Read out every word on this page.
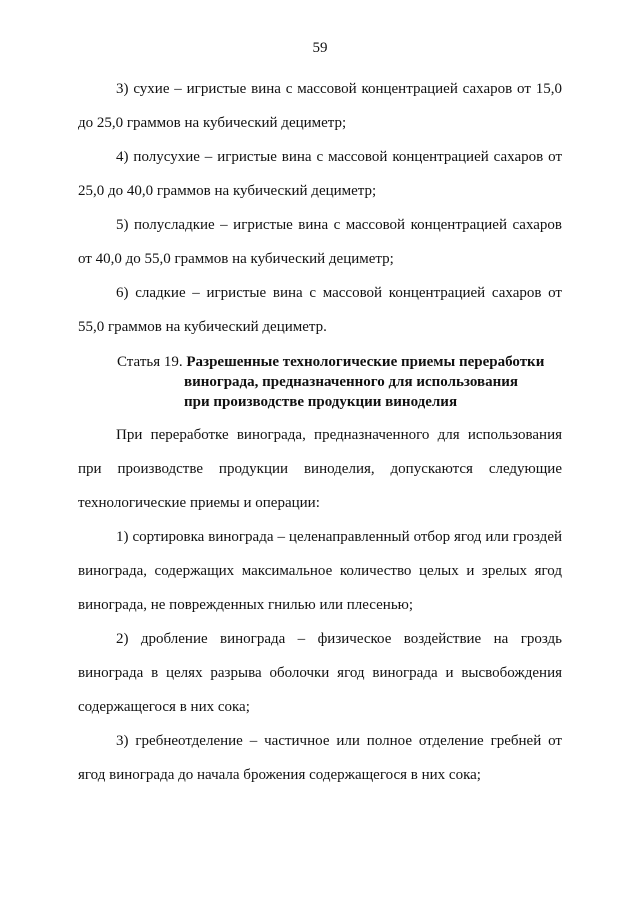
59

3) сухие – игристые вина с массовой концентрацией сахаров от 15,0 до 25,0 граммов на кубический дециметр;

4) полусухие – игристые вина с массовой концентрацией сахаров от 25,0 до 40,0 граммов на кубический дециметр;

5) полусладкие – игристые вина с массовой концентрацией сахаров от 40,0 до 55,0 граммов на кубический дециметр;

6) сладкие – игристые вина с массовой концентрацией сахаров от 55,0 граммов на кубический дециметр.

Статья 19. Разрешенные технологические приемы переработки
винограда, предназначенного для использования
при производстве продукции виноделия

При переработке винограда, предназначенного для использования при производстве продукции виноделия, допускаются следующие технологические приемы и операции:

1) сортировка винограда – целенаправленный отбор ягод или гроздей винограда, содержащих максимальное количество целых и зрелых ягод винограда, не поврежденных гнилью или плесенью;

2) дробление винограда – физическое воздействие на гроздь винограда в целях разрыва оболочки ягод винограда и высвобождения содержащегося в них сока;

3) гребнеотделение – частичное или полное отделение гребней от ягод винограда до начала брожения содержащегося в них сока;
